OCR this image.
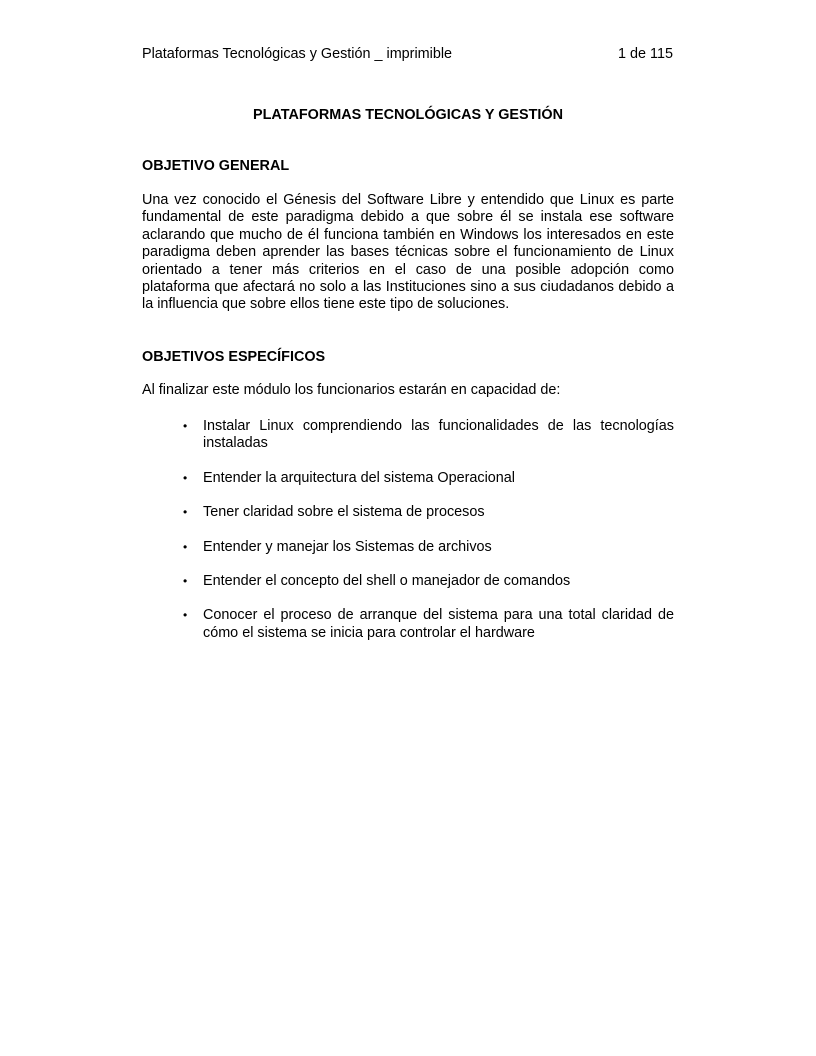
Plataformas Tecnológicas y Gestión _ imprimible	1 de 115
PLATAFORMAS TECNOLÓGICAS Y GESTIÓN
OBJETIVO GENERAL

Una vez conocido el Génesis del Software Libre y entendido que Linux es parte fundamental de este paradigma debido a que sobre él se instala ese software aclarando que mucho de él funciona también en Windows los interesados en este paradigma deben aprender las bases técnicas sobre el funcionamiento de Linux orientado a tener más criterios en el caso de una posible adopción como plataforma que afectará no solo a las Instituciones sino a sus ciudadanos debido a la influencia que sobre ellos tiene este tipo de soluciones.

OBJETIVOS ESPECÍFICOS

Al finalizar este módulo los funcionarios estarán en capacidad de:

• Instalar Linux comprendiendo las funcionalidades de las tecnologías instaladas
• Entender la arquitectura del sistema Operacional
• Tener claridad sobre el sistema de procesos
• Entender y manejar los Sistemas de archivos
• Entender el concepto del shell o manejador de comandos
• Conocer el proceso de arranque del sistema para una total claridad de cómo el sistema se inicia para controlar el hardware
